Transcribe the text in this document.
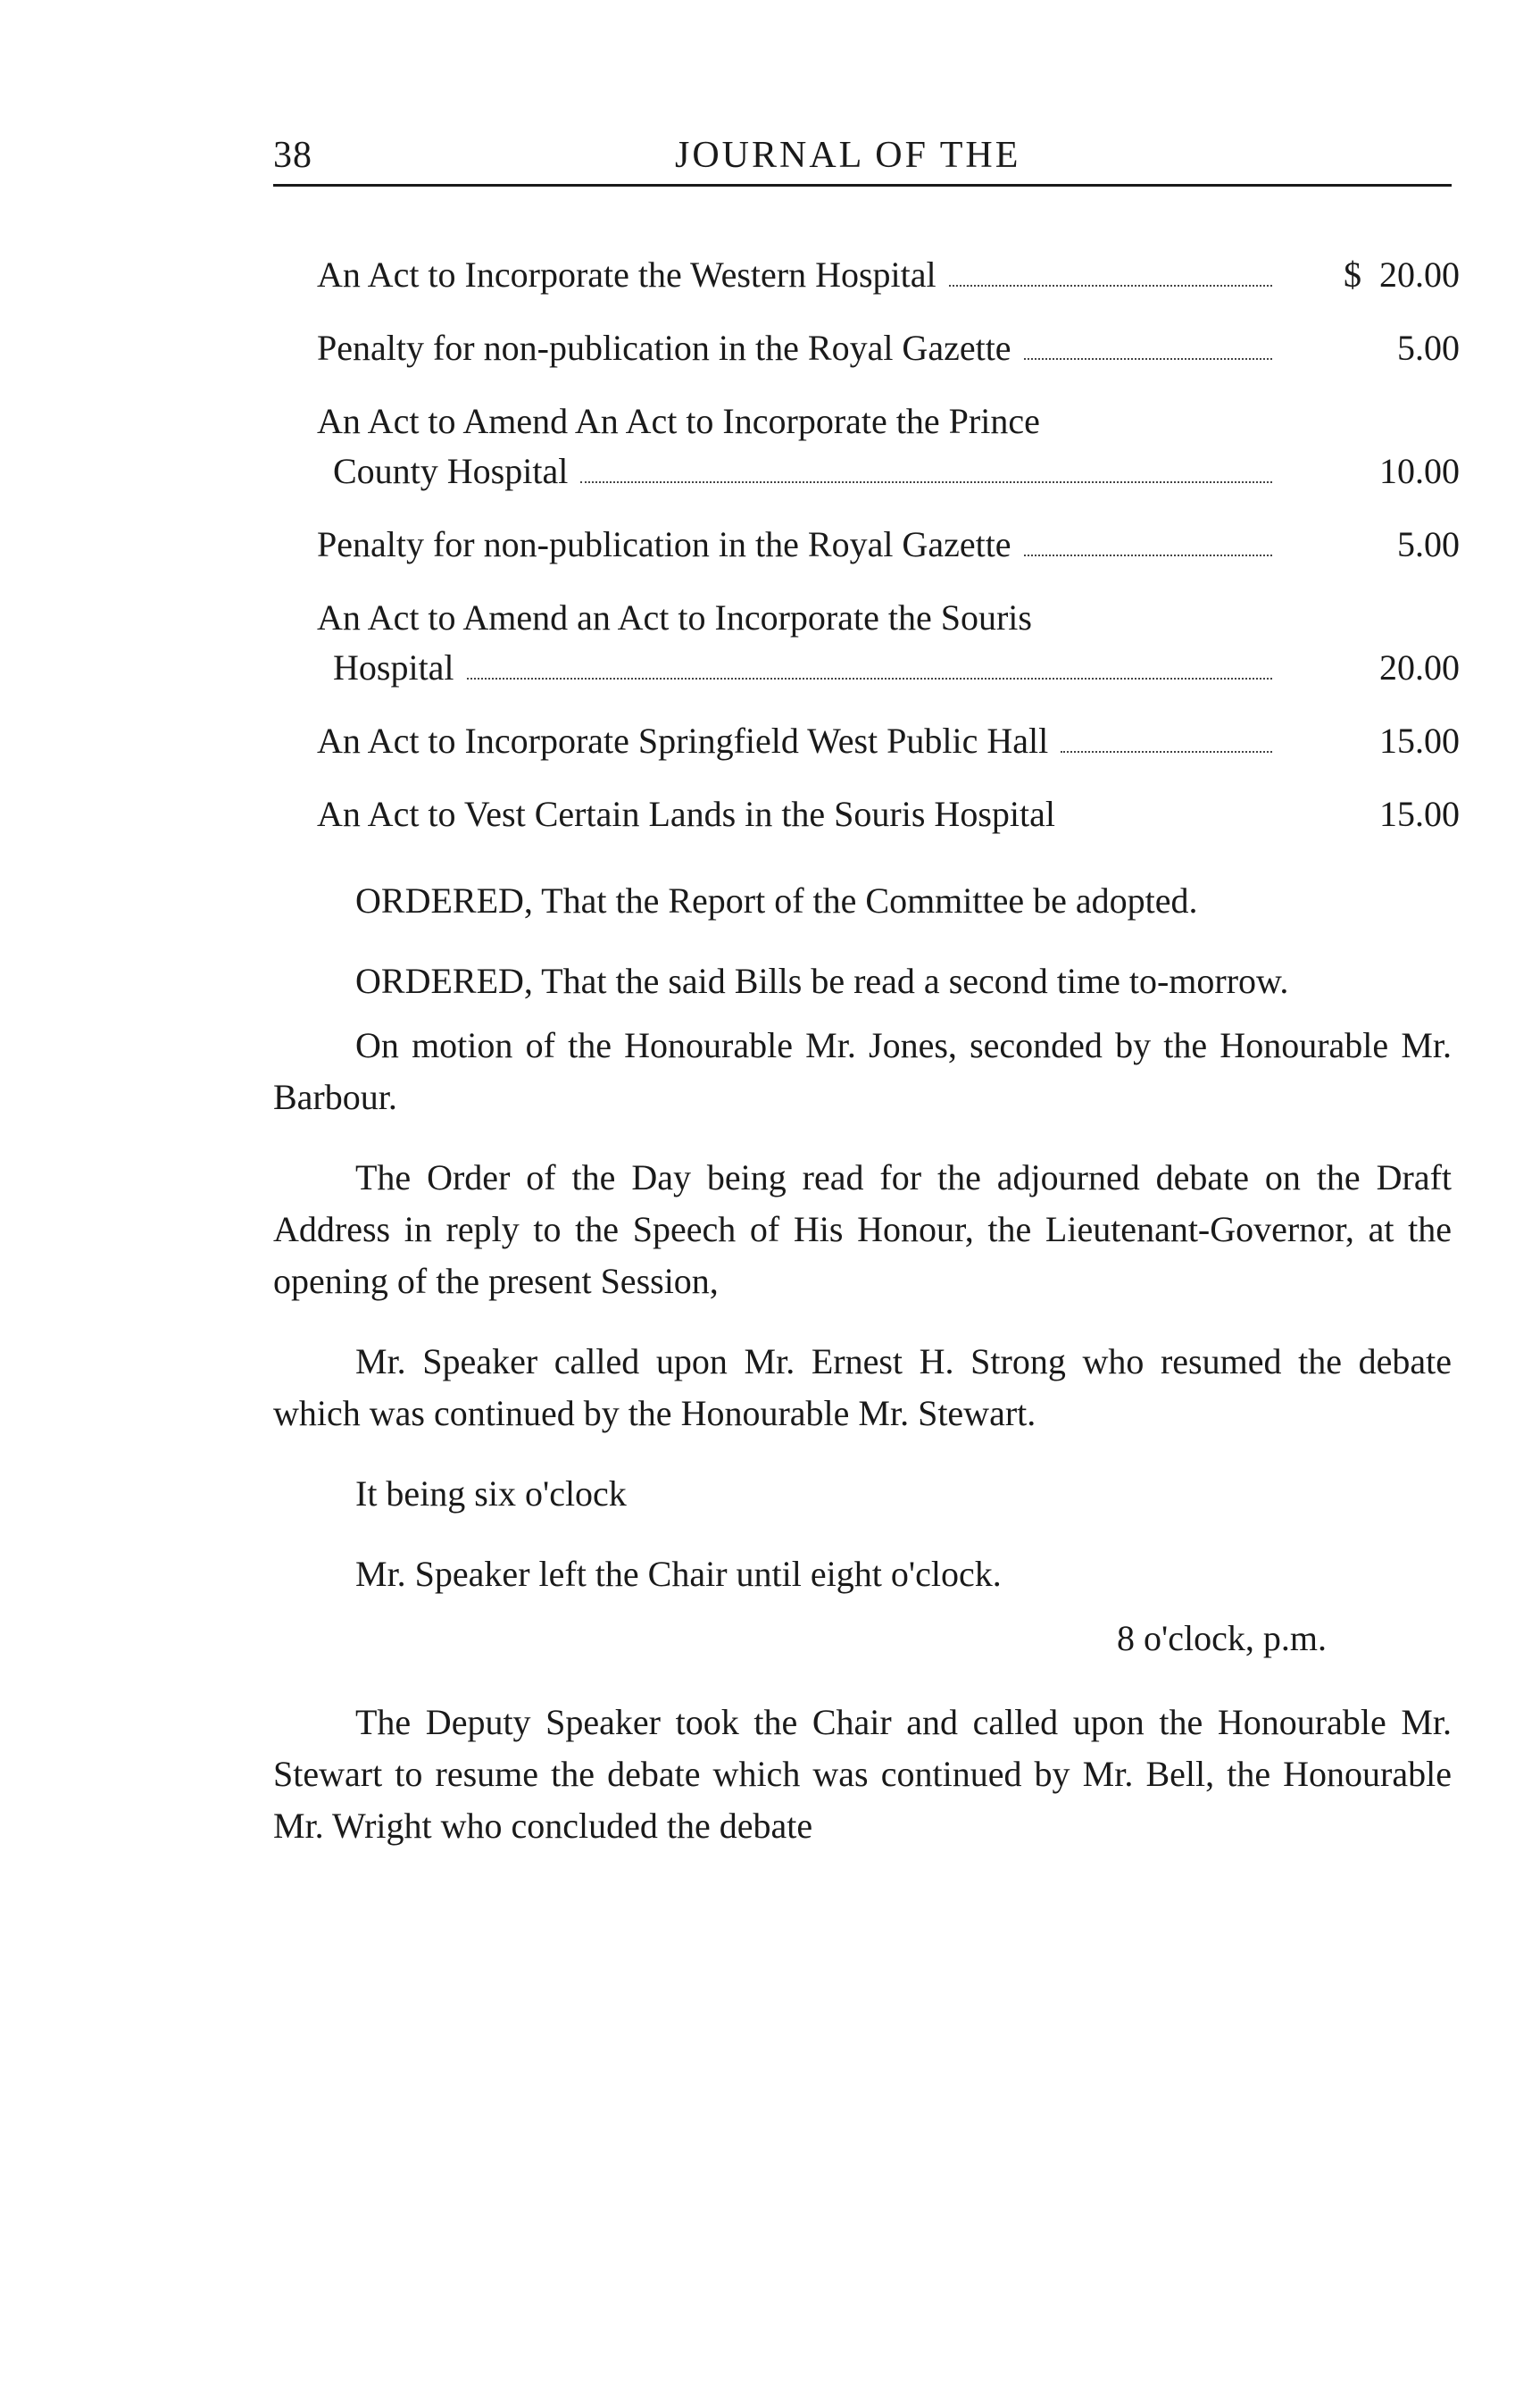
38	JOURNAL OF THE
An Act to Incorporate the Western Hospital	$ 20.00
Penalty for non-publication in the Royal Gazette	5.00
An Act to Amend An Act to Incorporate the Prince
County Hospital	10.00
Penalty for non-publication in the Royal Gazette	5.00
An Act to Amend an Act to Incorporate the Souris
Hospital	20.00
An Act to Incorporate Springfield West Public Hall	15.00
An Act to Vest Certain Lands in the Souris Hospital	15.00

ORDERED, That the Report of the Committee be adopted.

ORDERED, That the said Bills be read a second time to-morrow.

On motion of the Honourable Mr. Jones, seconded by the Honourable Mr. Barbour.

The Order of the Day being read for the adjourned debate on the Draft Address in reply to the Speech of His Honour, the Lieutenant-Governor, at the opening of the present Session,

Mr. Speaker called upon Mr. Ernest H. Strong who resumed the debate which was continued by the Honourable Mr. Stewart.

It being six o'clock

Mr. Speaker left the Chair until eight o'clock.

8 o'clock, p.m.

The Deputy Speaker took the Chair and called upon the Honourable Mr. Stewart to resume the debate which was continued by Mr. Bell, the Honourable Mr. Wright who concluded the debate
